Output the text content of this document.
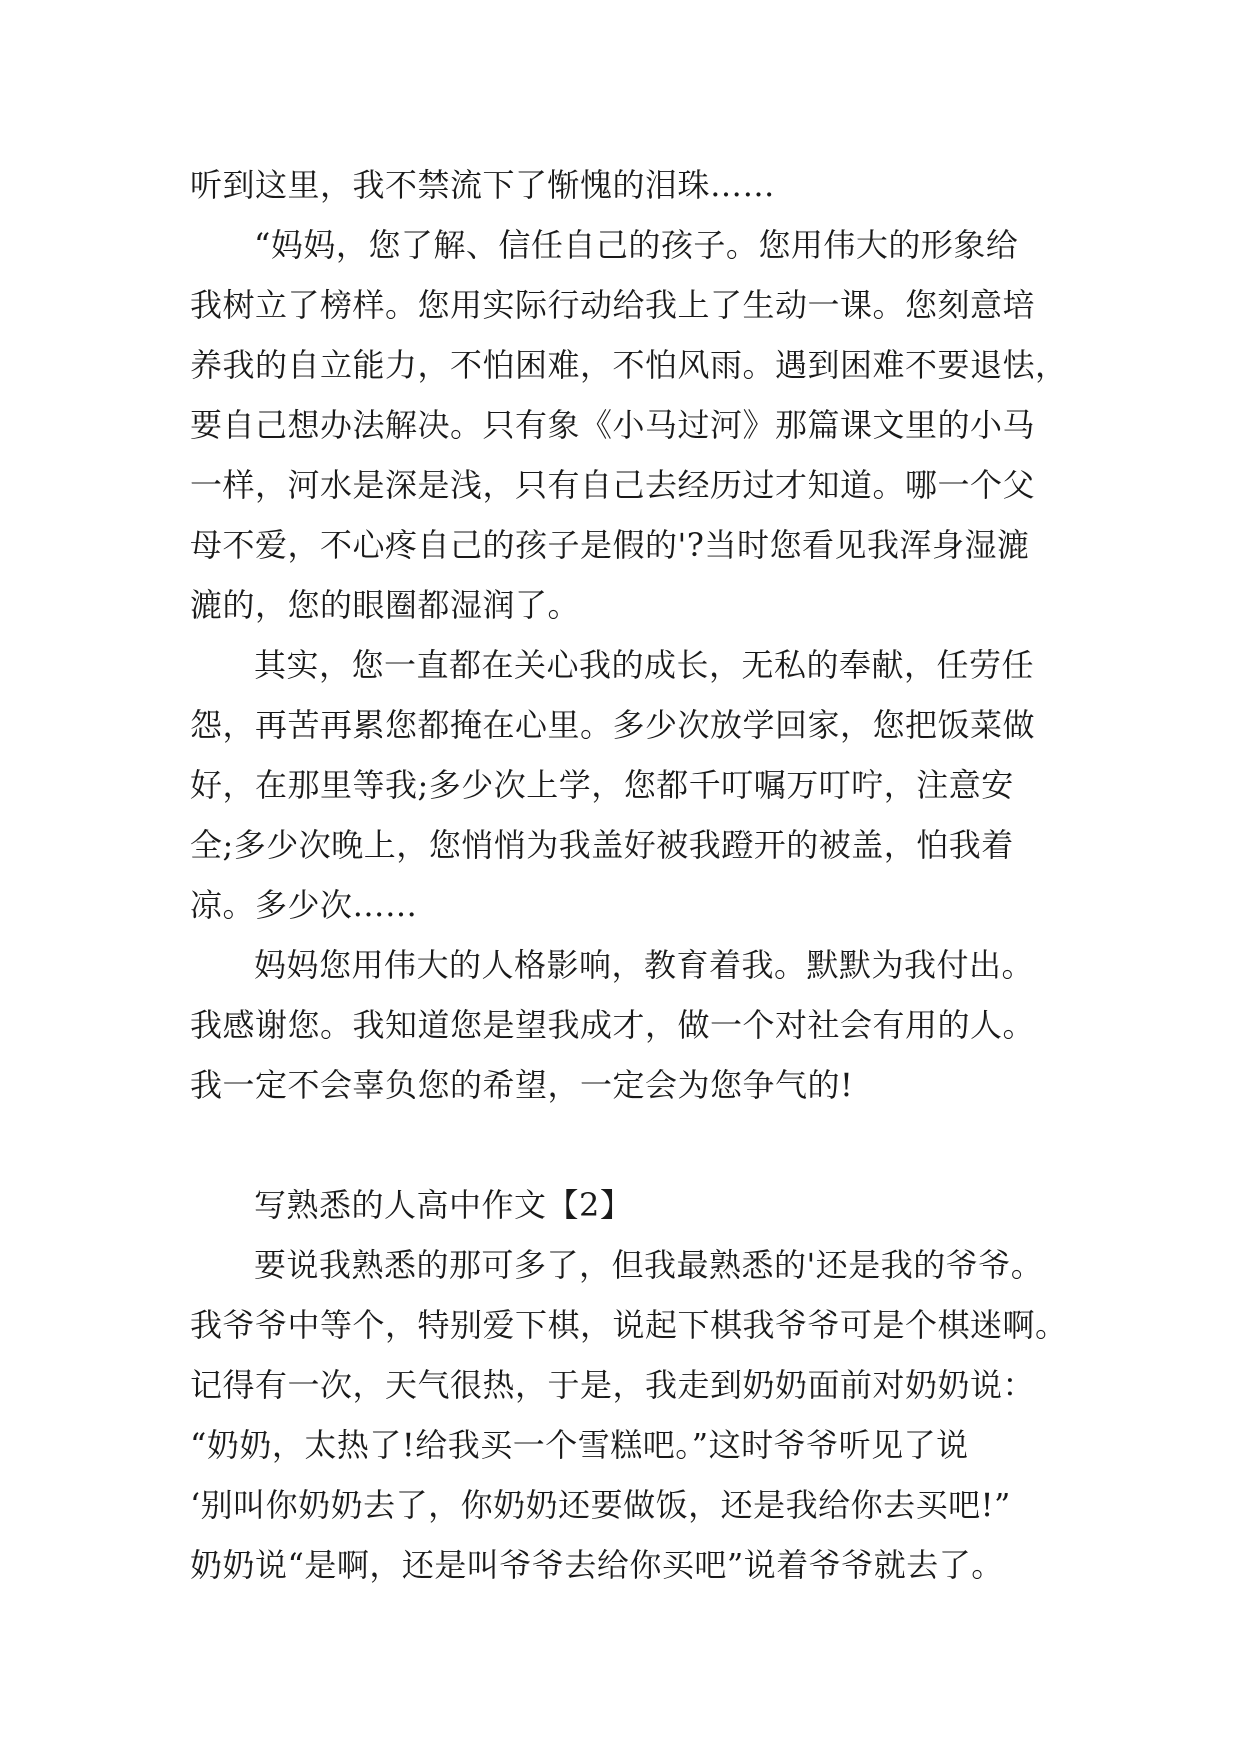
听到这里，我不禁流下了惭愧的泪珠……
“妈妈，您了解、信任自己的孩子。您用伟大的形象给
我树立了榜样。您用实际行动给我上了生动一课。您刻意培
养我的自立能力，不怕困难，不怕风雨。遇到困难不要退怯，
要自己想办法解决。只有象《小马过河》那篇课文里的小马
一样，河水是深是浅，只有自己去经历过才知道。哪一个父
母不爱，不心疼自己的孩子是假的'?当时您看见我浑身湿漉
漉的，您的眼圈都湿润了。
其实，您一直都在关心我的成长，无私的奉献，任劳任
怨，再苦再累您都掩在心里。多少次放学回家，您把饭菜做
好，在那里等我;多少次上学，您都千叮嘱万叮咛，注意安
全;多少次晚上，您悄悄为我盖好被我蹬开的被盖，怕我着
凉。多少次……
妈妈您用伟大的人格影响，教育着我。默默为我付出。
我感谢您。我知道您是望我成才，做一个对社会有用的人。
我一定不会辜负您的希望，一定会为您争气的!
写熟悉的人高中作文【2】
要说我熟悉的那可多了，但我最熟悉的'还是我的爷爷。
我爷爷中等个，特别爱下棋，说起下棋我爷爷可是个棋迷啊。
记得有一次，天气很热，于是，我走到奶奶面前对奶奶说：
“奶奶，太热了!给我买一个雪糕吧。”这时爷爷听见了说
‘别叫你奶奶去了，你奶奶还要做饭，还是我给你去买吧!”
奶奶说“是啊，还是叫爷爷去给你买吧”说着爷爷就去了。
